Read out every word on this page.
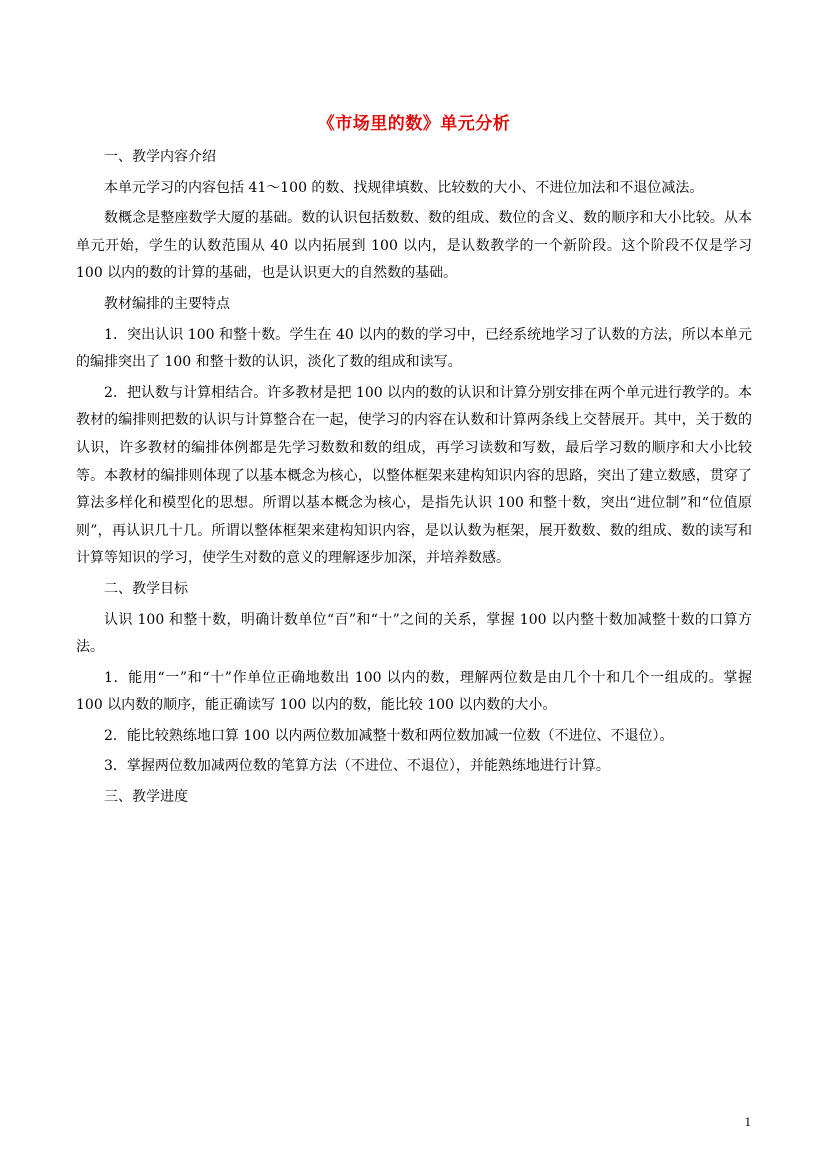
《市场里的数》单元分析

一、教学内容介绍

本单元学习的内容包括 41～100 的数、找规律填数、比较数的大小、不进位加法和不退位减法。

数概念是整座数学大厦的基础。数的认识包括数数、数的组成、数位的含义、数的顺序和大小比较。从本单元开始，学生的认数范围从 40 以内拓展到 100 以内，是认数教学的一个新阶段。这个阶段不仅是学习 100 以内的数的计算的基础，也是认识更大的自然数的基础。

教材编排的主要特点

1．突出认识 100 和整十数。学生在 40 以内的数的学习中，已经系统地学习了认数的方法，所以本单元的编排突出了 100 和整十数的认识，淡化了数的组成和读写。

2．把认数与计算相结合。许多教材是把 100 以内的数的认识和计算分别安排在两个单元进行教学的。本教材的编排则把数的认识与计算整合在一起，使学习的内容在认数和计算两条线上交替展开。其中，关于数的认识，许多教材的编排体例都是先学习数数和数的组成，再学习读数和写数，最后学习数的顺序和大小比较等。本教材的编排则体现了以基本概念为核心，以整体框架来建构知识内容的思路，突出了建立数感，贯穿了算法多样化和模型化的思想。所谓以基本概念为核心，是指先认识 100 和整十数，突出“进位制”和“位值原则”，再认识几十几。所谓以整体框架来建构知识内容，是以认数为框架，展开数数、数的组成、数的读写和计算等知识的学习，使学生对数的意义的理解逐步加深，并培养数感。

二、教学目标

认识 100 和整十数，明确计数单位“百”和“十”之间的关系，掌握 100 以内整十数加减整十数的口算方法。

1．能用“一”和“十”作单位正确地数出 100 以内的数，理解两位数是由几个十和几个一组成的。掌握 100 以内数的顺序，能正确读写 100 以内的数，能比较 100 以内数的大小。

2．能比较熟练地口算 100 以内两位数加减整十数和两位数加减一位数（不进位、不退位）。

3．掌握两位数加减两位数的笔算方法（不进位、不退位），并能熟练地进行计算。

三、教学进度

1
